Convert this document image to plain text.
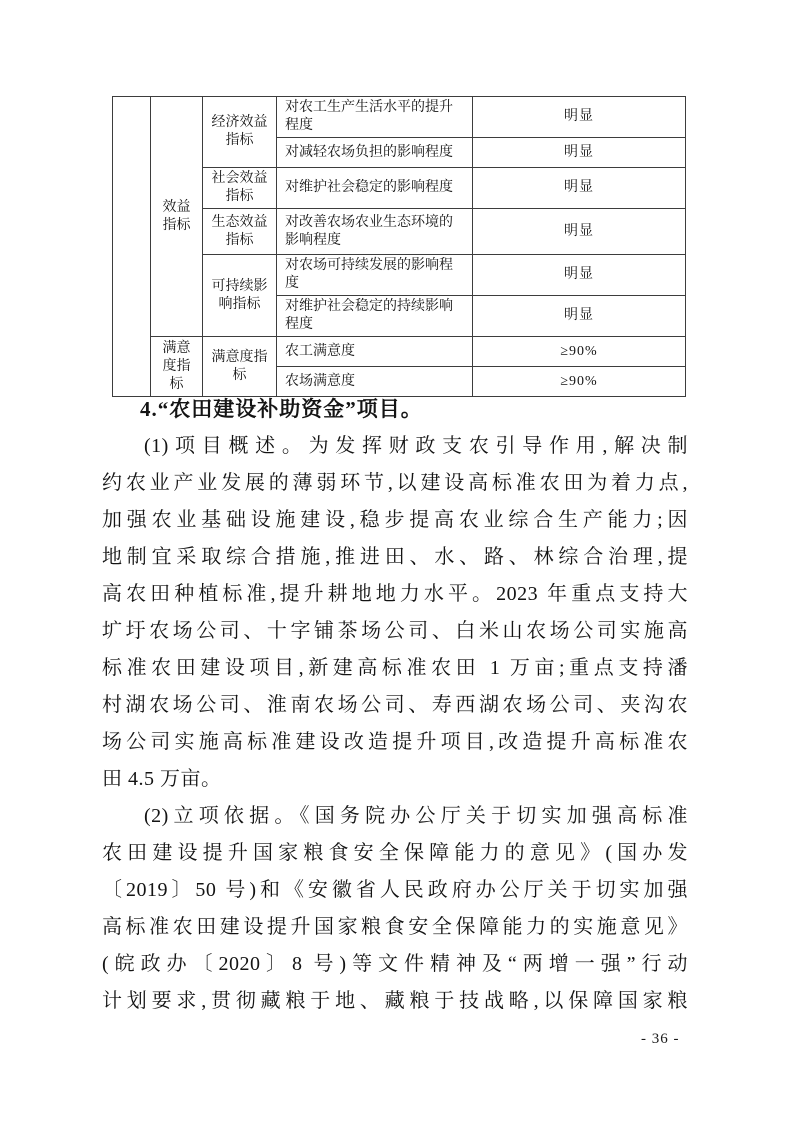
	效益指标	经济效益指标	对农工生产生活水平的提升程度	明显
			对减轻农场负担的影响程度	明显
		社会效益指标	对维护社会稳定的影响程度	明显
		生态效益指标	对改善农场农业生态环境的影响程度	明显
		可持续影响指标	对农场可持续发展的影响程度	明显
			对维护社会稳定的持续影响程度	明显
	满意度指标	满意度指标	农工满意度	≥90%
			农场满意度	≥90%
4.“农田建设补助资金”项目。
(1)项目概述。为发挥财政支农引导作用,解决制
约农业产业发展的薄弱环节,以建设高标准农田为着力点,
加强农业基础设施建设,稳步提高农业综合生产能力;因
地制宜采取综合措施,推进田、水、路、林综合治理,提
高农田种植标准,提升耕地地力水平。2023 年重点支持大
圹圩农场公司、十字铺茶场公司、白米山农场公司实施高
标准农田建设项目,新建高标准农田 1 万亩;重点支持潘
村湖农场公司、淮南农场公司、寿西湖农场公司、夹沟农
场公司实施高标准建设改造提升项目,改造提升高标准农
田 4.5 万亩。
(2)立项依据。《国务院办公厅关于切实加强高标准
农田建设提升国家粮食安全保障能力的意见》(国办发
〔2019〕50 号)和《安徽省人民政府办公厅关于切实加强
高标准农田建设提升国家粮食安全保障能力的实施意见》
(皖政办〔2020〕8 号)等文件精神及“两增一强”行动
计划要求,贯彻藏粮于地、藏粮于技战略,以保障国家粮
- 36 -
